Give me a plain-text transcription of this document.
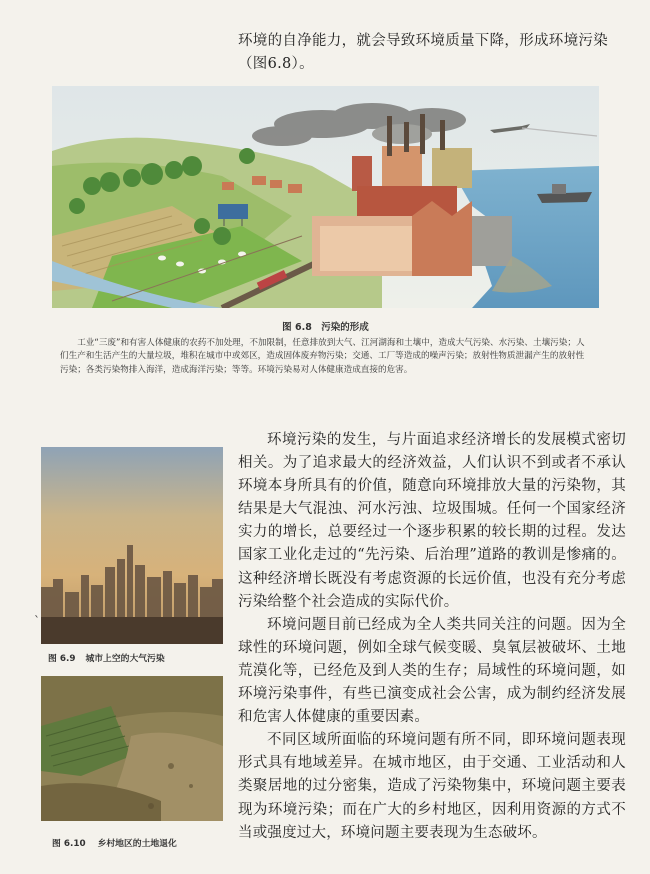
环境的自净能力，就会导致环境质量下降，形成环境污染（图6.8）。
图 6.8　污染的形成
工业“三废”和有害人体健康的农药不加处理，不加限制，任意排放到大气、江河湖海和土壤中，造成大气污染、水污染、土壤污染；人们生产和生活产生的大量垃圾，堆积在城市中或郊区，造成固体废弃物污染；交通、工厂等造成的噪声污染；放射性物质泄漏产生的放射性污染；各类污染物排入海洋，造成海洋污染；等等。环境污染易对人体健康造成直接的危害。
图 6.9 城市上空的大气污染
`
图 6.10 乡村地区的土地退化

环境污染的发生，与片面追求经济增长的发展模式密切相关。为了追求最大的经济效益，人们认识不到或者不承认环境本身所具有的价值，随意向环境排放大量的污染物，其结果是大气混浊、河水污浊、垃圾围城。任何一个国家经济实力的增长，总要经过一个逐步积累的较长期的过程。发达国家工业化走过的“先污染、后治理”道路的教训是惨痛的。这种经济增长既没有考虑资源的长远价值，也没有充分考虑污染给整个社会造成的实际代价。

环境问题目前已经成为全人类共同关注的问题。因为全球性的环境问题，例如全球气候变暖、臭氧层被破坏、土地荒漠化等，已经危及到人类的生存；局域性的环境问题，如环境污染事件，有些已演变成社会公害，成为制约经济发展和危害人体健康的重要因素。

不同区域所面临的环境问题有所不同，即环境问题表现形式具有地域差异。在城市地区，由于交通、工业活动和人类聚居地的过分密集，造成了污染物集中，环境问题主要表现为环境污染；而在广大的乡村地区，因利用资源的方式不当或强度过大，环境问题主要表现为生态破坏。
